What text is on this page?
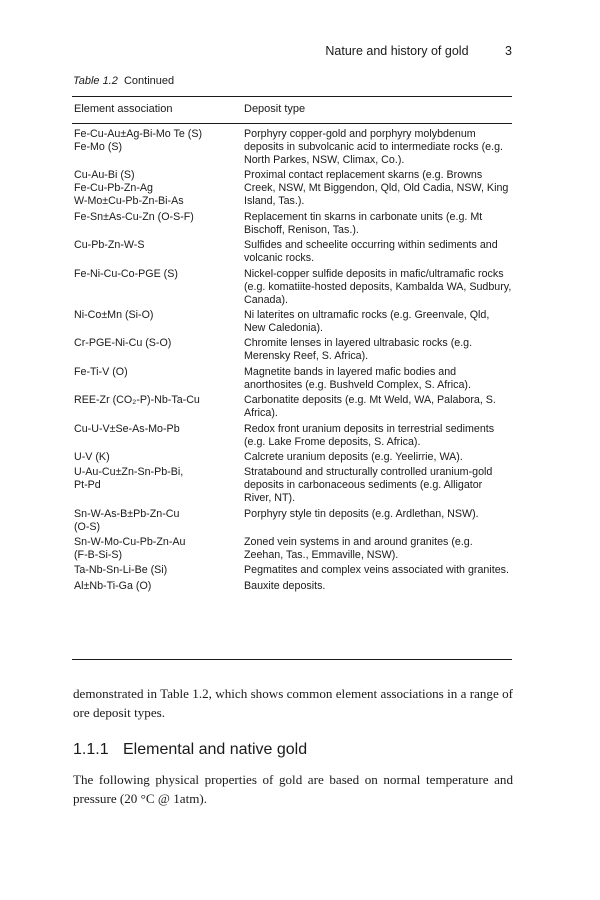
Nature and history of gold	3
Table 1.2 Continued
Element association	Deposit type
Fe-Cu-Au±Ag-Bi-Mo Te (S)
Fe-Mo (S)	Porphyry copper-gold and porphyry molybdenum deposits in subvolcanic acid to intermediate rocks (e.g. North Parkes, NSW, Climax, Co.).
Cu-Au-Bi (S)
Fe-Cu-Pb-Zn-Ag
W-Mo±Cu-Pb-Zn-Bi-As	Proximal contact replacement skarns (e.g. Browns Creek, NSW, Mt Biggendon, Qld, Old Cadia, NSW, King Island, Tas.).
Fe-Sn±As-Cu-Zn (O-S-F)	Replacement tin skarns in carbonate units (e.g. Mt Bischoff, Renison, Tas.).
Cu-Pb-Zn-W-S	Sulfides and scheelite occurring within sediments and volcanic rocks.
Fe-Ni-Cu-Co-PGE (S)	Nickel-copper sulfide deposits in mafic/ultramafic rocks (e.g. komatiite-hosted deposits, Kambalda WA, Sudbury, Canada).
Ni-Co±Mn (Si-O)	Ni laterites on ultramafic rocks (e.g. Greenvale, Qld, New Caledonia).
Cr-PGE-Ni-Cu (S-O)	Chromite lenses in layered ultrabasic rocks (e.g. Merensky Reef, S. Africa).
Fe-Ti-V (O)	Magnetite bands in layered mafic bodies and anorthosites (e.g. Bushveld Complex, S. Africa).
REE-Zr (CO₂-P)-Nb-Ta-Cu	Carbonatite deposits (e.g. Mt Weld, WA, Palabora, S. Africa).
Cu-U-V±Se-As-Mo-Pb	Redox front uranium deposits in terrestrial sediments (e.g. Lake Frome deposits, S. Africa).
U-V (K)	Calcrete uranium deposits (e.g. Yeelirrie, WA).
U-Au-Cu±Zn-Sn-Pb-Bi,
Pt-Pd	Stratabound and structurally controlled uranium-gold deposits in carbonaceous sediments (e.g. Alligator River, NT).
Sn-W-As-B±Pb-Zn-Cu
(O-S)	Porphyry style tin deposits (e.g. Ardlethan, NSW).
Sn-W-Mo-Cu-Pb-Zn-Au
(F-B-Si-S)	Zoned vein systems in and around granites (e.g. Zeehan, Tas., Emmaville, NSW).
Ta-Nb-Sn-Li-Be (Si)	Pegmatites and complex veins associated with granites.
Al±Nb-Ti-Ga (O)	Bauxite deposits.

demonstrated in Table 1.2, which shows common element associations in a range of ore deposit types.

1.1.1 Elemental and native gold

The following physical properties of gold are based on normal temperature and pressure (20 °C @ 1atm).
